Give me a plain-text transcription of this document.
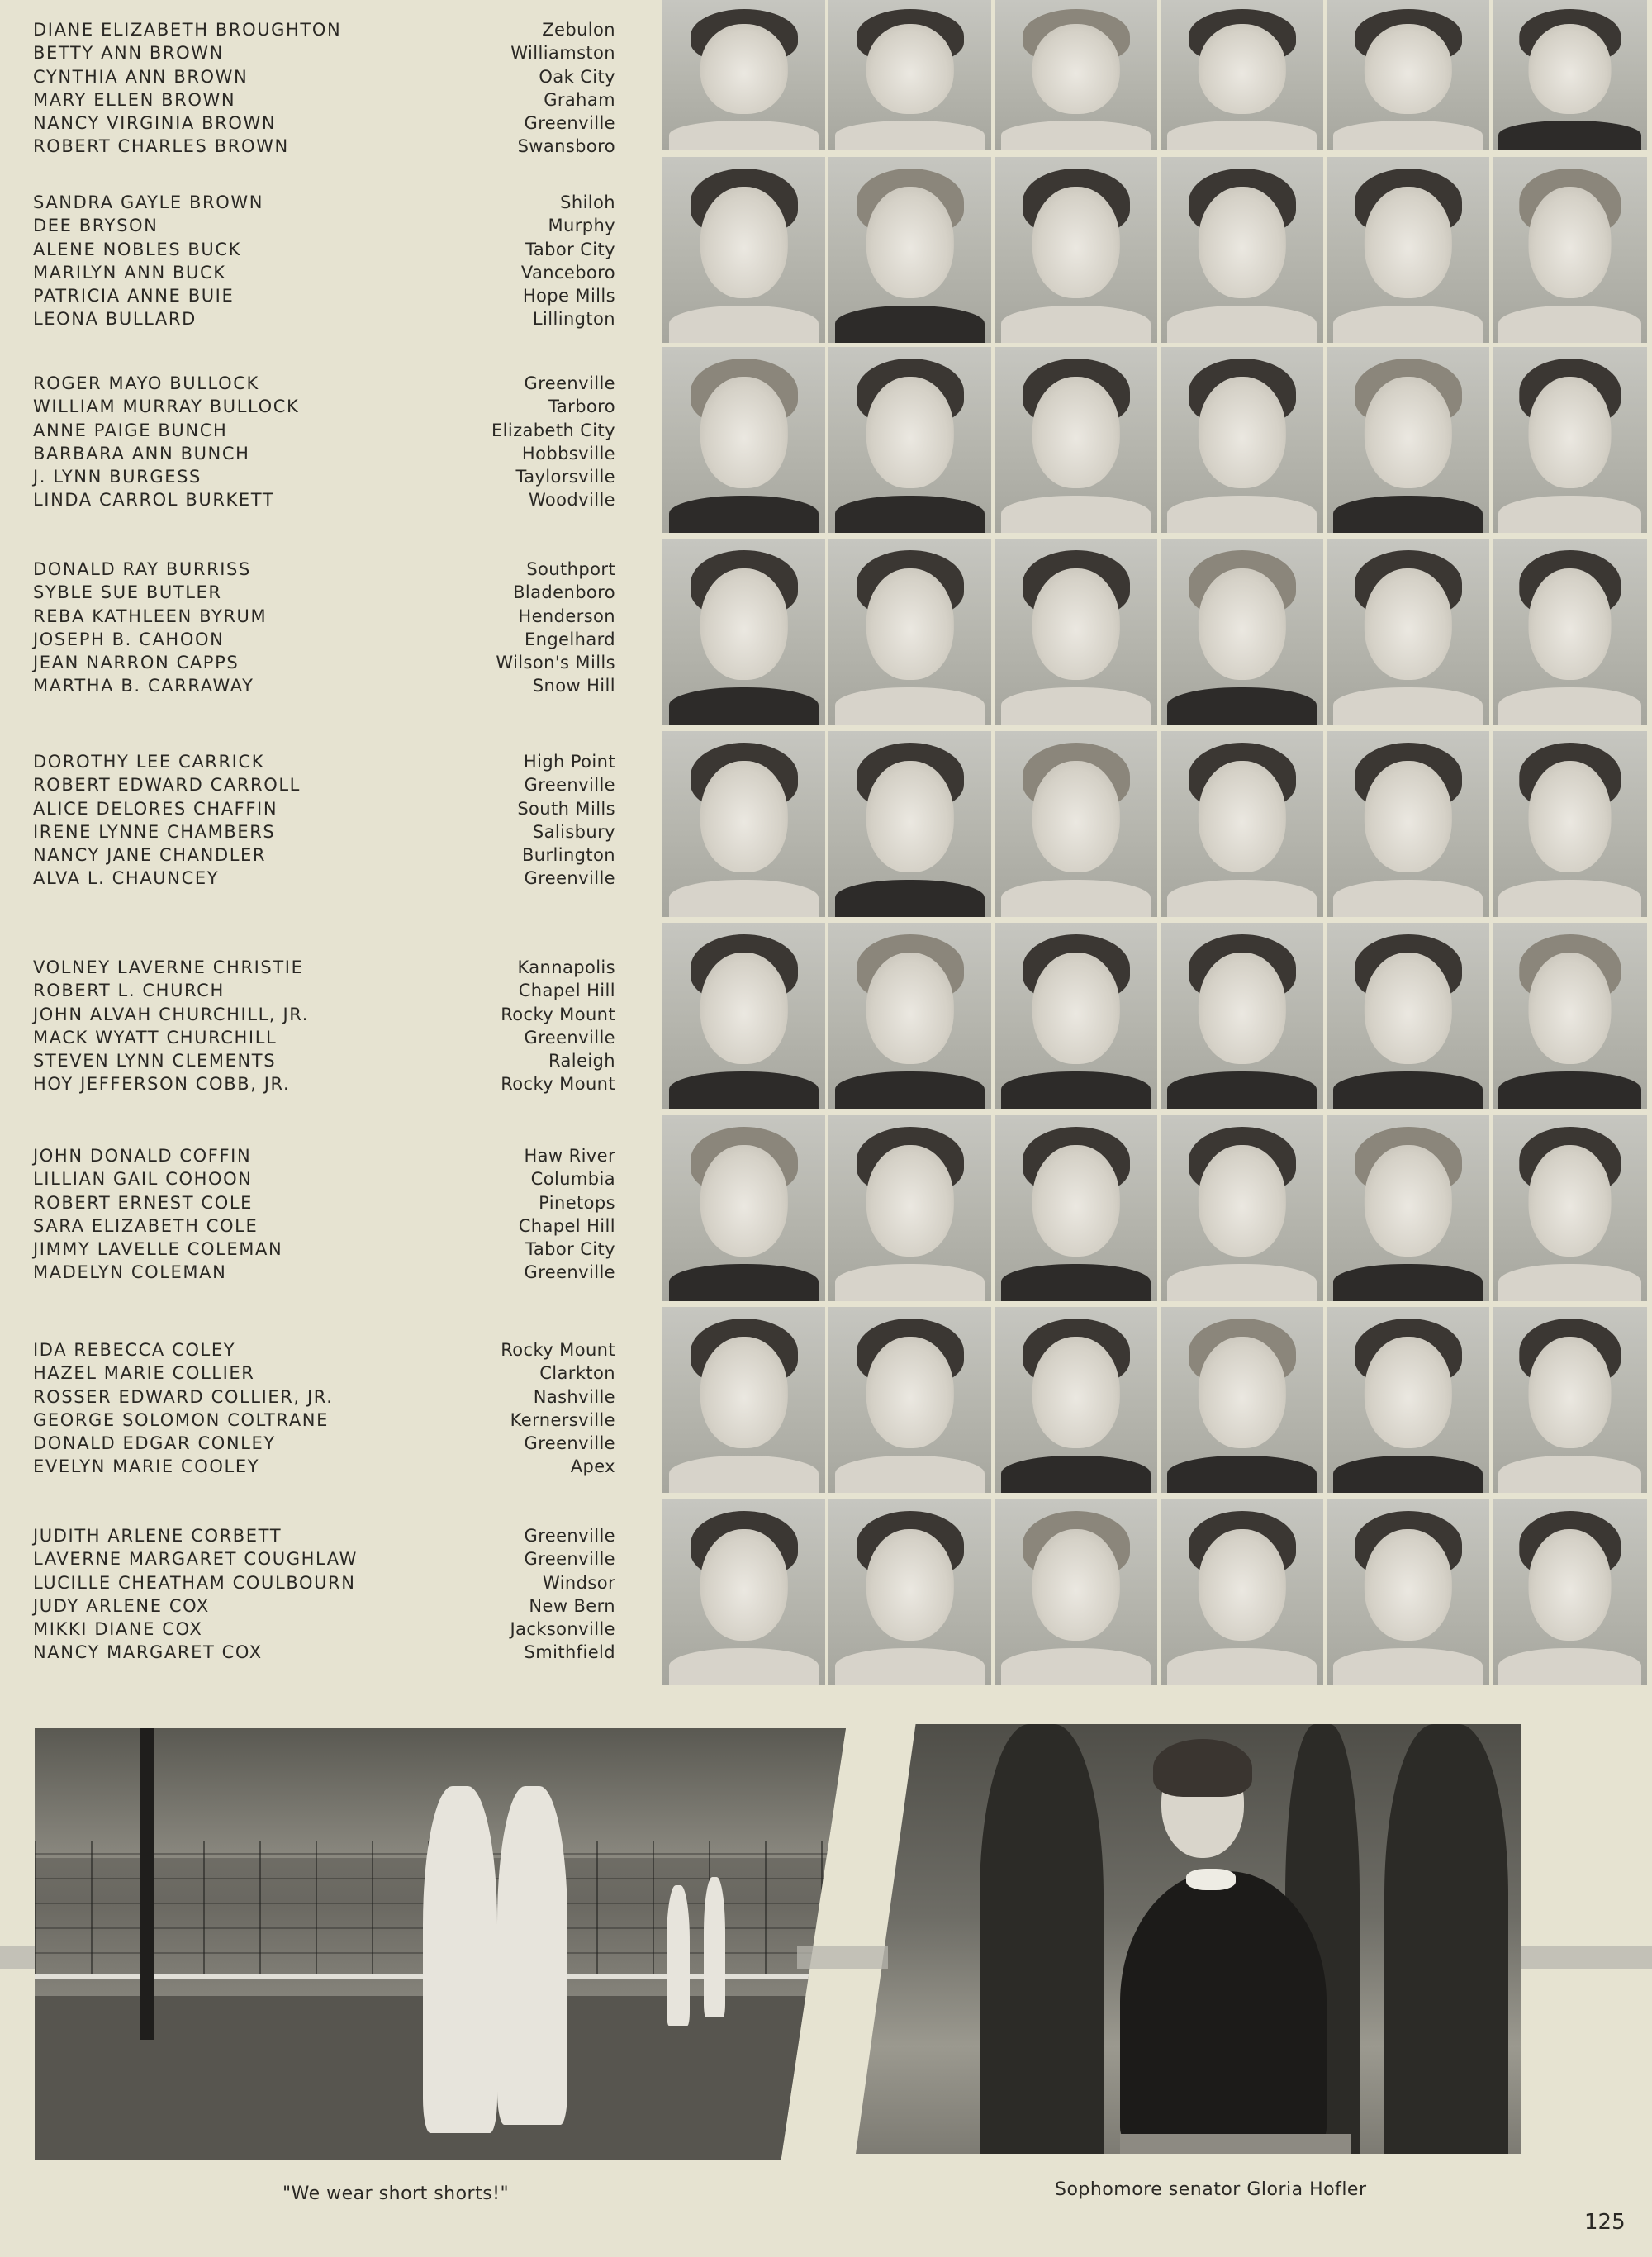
DIANE ELIZABETH BROUGHTON	Zebulon
BETTY ANN BROWN	Williamston
CYNTHIA ANN BROWN	Oak City
MARY ELLEN BROWN	Graham
NANCY VIRGINIA BROWN	Greenville
ROBERT CHARLES BROWN	Swansboro
SANDRA GAYLE BROWN	Shiloh
DEE BRYSON	Murphy
ALENE NOBLES BUCK	Tabor City
MARILYN ANN BUCK	Vanceboro
PATRICIA ANNE BUIE	Hope Mills
LEONA BULLARD	Lillington
ROGER MAYO BULLOCK	Greenville
WILLIAM MURRAY BULLOCK	Tarboro
ANNE PAIGE BUNCH	Elizabeth City
BARBARA ANN BUNCH	Hobbsville
J. LYNN BURGESS	Taylorsville
LINDA CARROL BURKETT	Woodville
DONALD RAY BURRISS	Southport
SYBLE SUE BUTLER	Bladenboro
REBA KATHLEEN BYRUM	Henderson
JOSEPH B. CAHOON	Engelhard
JEAN NARRON CAPPS	Wilson's Mills
MARTHA B. CARRAWAY	Snow Hill
DOROTHY LEE CARRICK	High Point
ROBERT EDWARD CARROLL	Greenville
ALICE DELORES CHAFFIN	South Mills
IRENE LYNNE CHAMBERS	Salisbury
NANCY JANE CHANDLER	Burlington
ALVA L. CHAUNCEY	Greenville
VOLNEY LAVERNE CHRISTIE	Kannapolis
ROBERT L. CHURCH	Chapel Hill
JOHN ALVAH CHURCHILL, JR.	Rocky Mount
MACK WYATT CHURCHILL	Greenville
STEVEN LYNN CLEMENTS	Raleigh
HOY JEFFERSON COBB, JR.	Rocky Mount
JOHN DONALD COFFIN	Haw River
LILLIAN GAIL COHOON	Columbia
ROBERT ERNEST COLE	Pinetops
SARA ELIZABETH COLE	Chapel Hill
JIMMY LAVELLE COLEMAN	Tabor City
MADELYN COLEMAN	Greenville
IDA REBECCA COLEY	Rocky Mount
HAZEL MARIE COLLIER	Clarkton
ROSSER EDWARD COLLIER, JR.	Nashville
GEORGE SOLOMON COLTRANE	Kernersville
DONALD EDGAR CONLEY	Greenville
EVELYN MARIE COOLEY	Apex
JUDITH ARLENE CORBETT	Greenville
LAVERNE MARGARET COUGHLAW	Greenville
LUCILLE CHEATHAM COULBOURN	Windsor
JUDY ARLENE COX	New Bern
MIKKI DIANE COX	Jacksonville
NANCY MARGARET COX	Smithfield
"We wear short shorts!"	Sophomore senator Gloria Hofler
125
